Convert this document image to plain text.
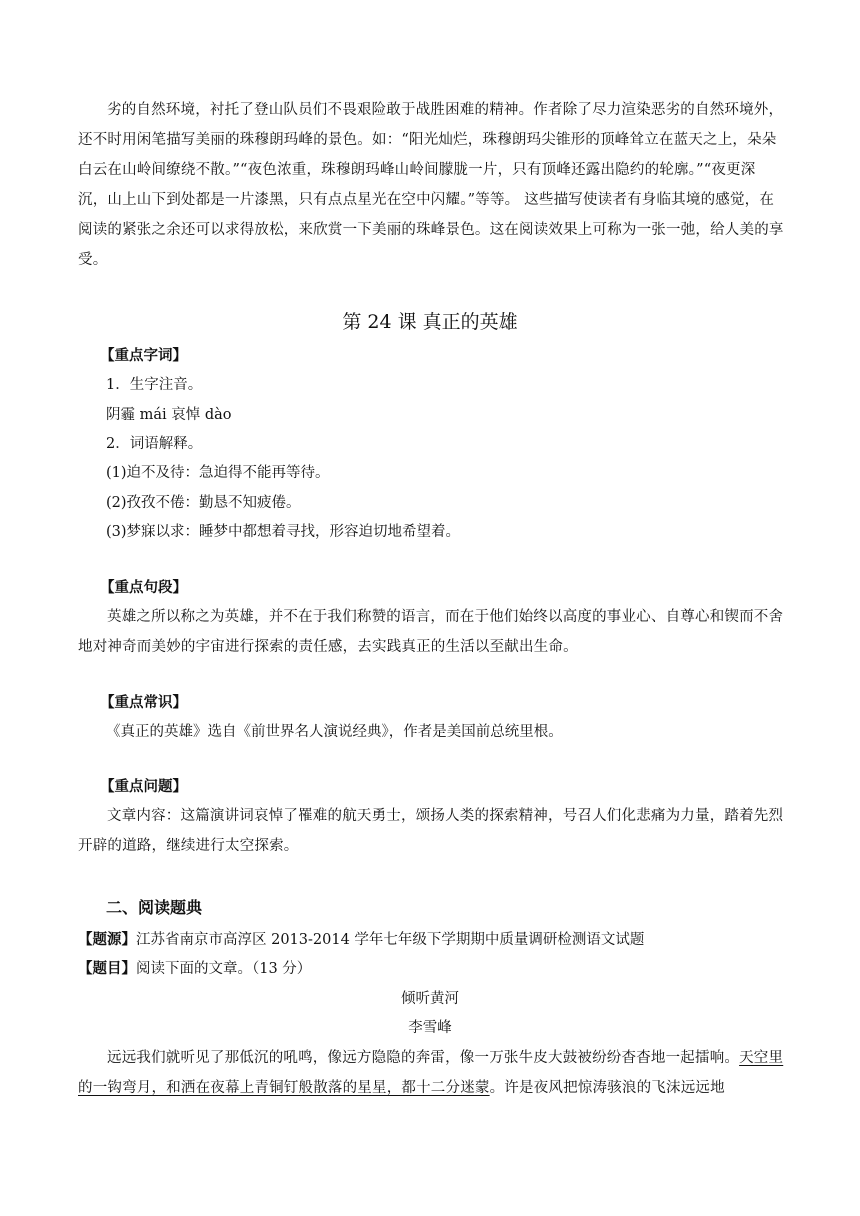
劣的自然环境，衬托了登山队员们不畏艰险敢于战胜困难的精神。作者除了尽力渲染恶劣的自然环境外，还不时用闲笔描写美丽的珠穆朗玛峰的景色。如：“阳光灿烂，珠穆朗玛尖锥形的顶峰耸立在蓝天之上，朵朵白云在山岭间缭绕不散。”“夜色浓重，珠穆朗玛峰山岭间朦胧一片，只有顶峰还露出隐约的轮廓。”“夜更深沉，山上山下到处都是一片漆黑，只有点点星光在空中闪耀。”等等。 这些描写使读者有身临其境的感觉，在阅读的紧张之余还可以求得放松，来欣赏一下美丽的珠峰景色。这在阅读效果上可称为一张一弛，给人美的享受。

第 24 课 真正的英雄
【重点字词】
1．生字注音。
阴霾 mái 哀悼 dào
2．词语解释。
(1)迫不及待：急迫得不能再等待。
(2)孜孜不倦：勤恳不知疲倦。
(3)梦寐以求：睡梦中都想着寻找，形容迫切地希望着。
【重点句段】

英雄之所以称之为英雄，并不在于我们称赞的语言，而在于他们始终以高度的事业心、自尊心和锲而不舍地对神奇而美妙的宇宙进行探索的责任感，去实践真正的生活以至献出生命。

【重点常识】
《真正的英雄》选自《前世界名人演说经典》，作者是美国前总统里根。
【重点问题】

文章内容：这篇演讲词哀悼了罹难的航天勇士，颂扬人类的探索精神，号召人们化悲痛为力量，踏着先烈开辟的道路，继续进行太空探索。

二、阅读题典
【题源】江苏省南京市高淳区 2013-2014 学年七年级下学期期中质量调研检测语文试题
【题目】阅读下面的文章。（13 分）
倾听黄河
李雪峰

远远我们就听见了那低沉的吼鸣，像远方隐隐的奔雷，像一万张牛皮大鼓被纷纷杳杳地一起擂响。天空里的一钩弯月，和洒在夜幕上青铜钉般散落的星星，都十二分迷蒙。许是夜风把惊涛骇浪的飞沫远远地
